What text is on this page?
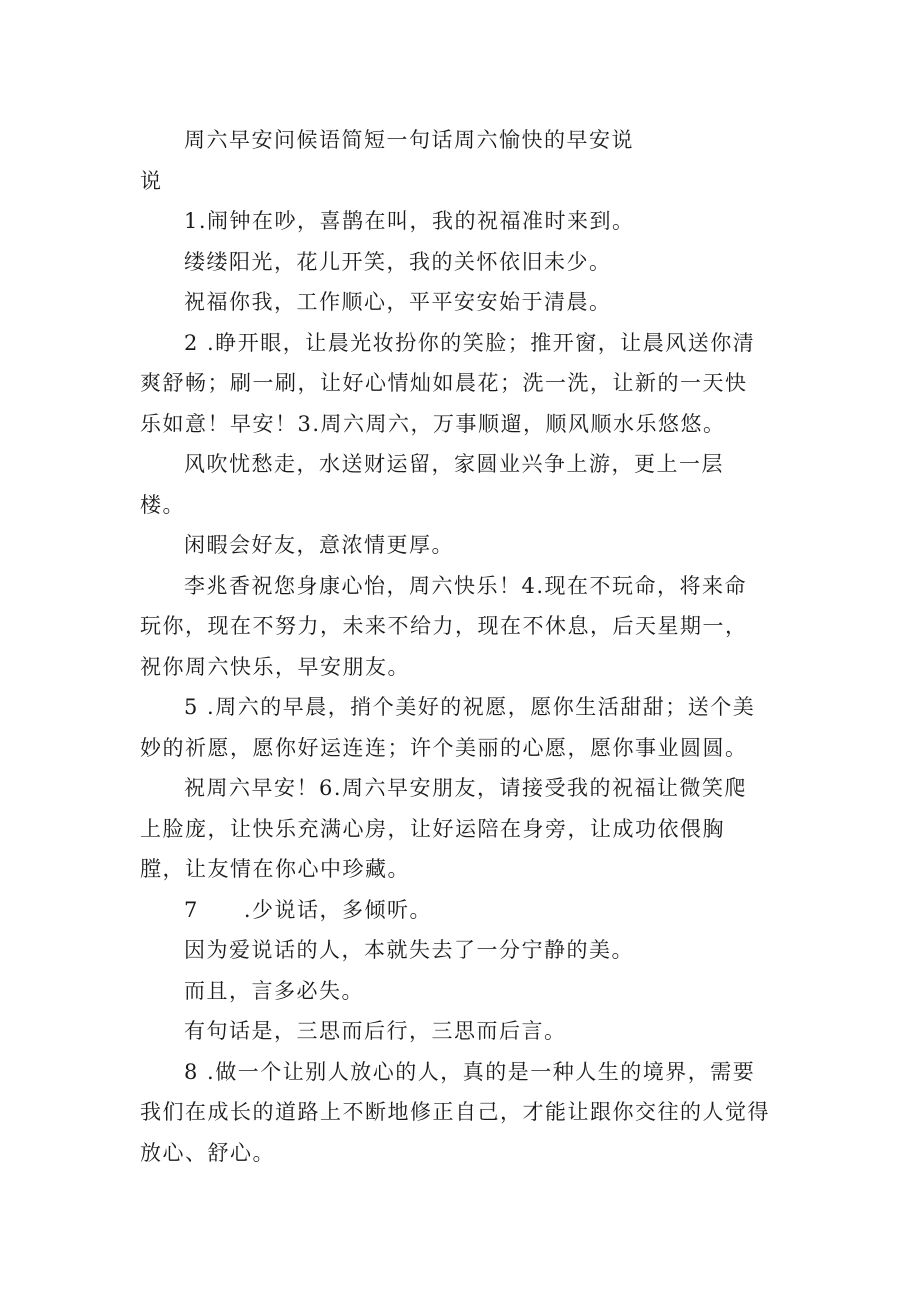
周六早安问候语简短一句话周六愉快的早安说
说
1.闹钟在吵，喜鹊在叫，我的祝福准时来到。
缕缕阳光，花儿开笑，我的关怀依旧未少。
祝福你我，工作顺心，平平安安始于清晨。
2 .睁开眼，让晨光妆扮你的笑脸；推开窗，让晨风送你清
爽舒畅；刷一刷，让好心情灿如晨花；洗一洗，让新的一天快
乐如意！早安！3.周六周六，万事顺遛，顺风顺水乐悠悠。
风吹忧愁走，水送财运留，家圆业兴争上游，更上一层
楼。
闲暇会好友，意浓情更厚。
李兆香祝您身康心怡，周六快乐！4.现在不玩命，将来命
玩你，现在不努力，未来不给力，现在不休息，后天星期一，
祝你周六快乐，早安朋友。
5 .周六的早晨，捎个美好的祝愿，愿你生活甜甜；送个美
妙的祈愿，愿你好运连连；许个美丽的心愿，愿你事业圆圆。
祝周六早安！6.周六早安朋友，请接受我的祝福让微笑爬
上脸庞，让快乐充满心房，让好运陪在身旁，让成功依偎胸
膛，让友情在你心中珍藏。
7　　.少说话，多倾听。
因为爱说话的人，本就失去了一分宁静的美。
而且，言多必失。
有句话是，三思而后行，三思而后言。
8 .做一个让别人放心的人，真的是一种人生的境界，需要
我们在成长的道路上不断地修正自己，才能让跟你交往的人觉得
放心、舒心。
